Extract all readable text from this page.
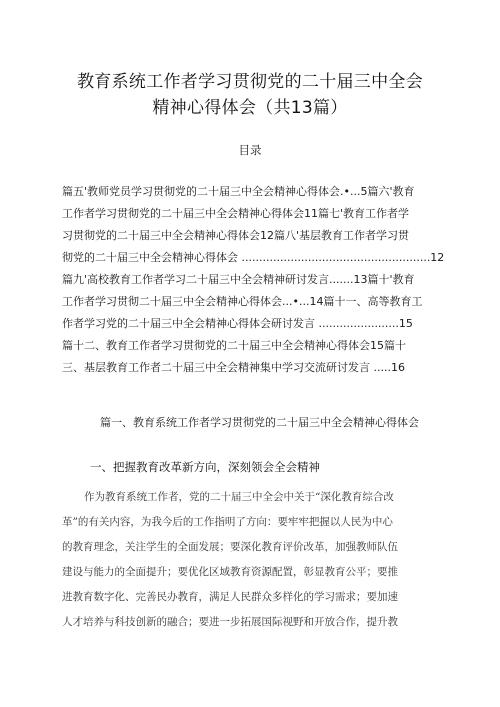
教育系统工作者学习贯彻党的二十届三中全会
精神心得体会（共13篇）
目录
篇五'教师党员学习贯彻党的二十届三中全会精神心得体会.•...5篇六'教育
工作者学习贯彻党的二十届三中全会精神心得体会11篇七'教育工作者学
习贯彻党的二十届三中全会精神心得体会12篇八'基层教育工作者学习贯
彻党的二十届三中全会精神心得体会 ......................................................12
篇九'高校教育工作者学习二十届三中全会精神研讨发言.......13篇十'教育
工作者学习贯彻二十届三中全会精神心得体会...•...14篇十一、高等教育工
作者学习党的二十届三中全会精神心得体会研讨发言 .......................15
篇十二、教育工作者学习贯彻党的二十届三中全会精神心得体会15篇十
三、基层教育工作者二十届三中全会精神集中学习交流研讨发言 .....16
篇一、教育系统工作者学习贯彻党的二十届三中全会精神心得体会
一、把握教育改革新方向，深刻领会全会精神
作为教育系统工作者，党的二十届三中全会中关于“深化教育综合改
革”的有关内容，为我今后的工作指明了方向：要牢牢把握以人民为中心
的教育理念，关注学生的全面发展；要深化教育评价改革，加强教师队伍
建设与能力的全面提升；要优化区域教育资源配置，彰显教育公平；要推
进教育数字化、完善民办教育，满足人民群众多样化的学习需求；要加速
人才培养与科技创新的融合；要进一步拓展国际视野和开放合作，提升教
